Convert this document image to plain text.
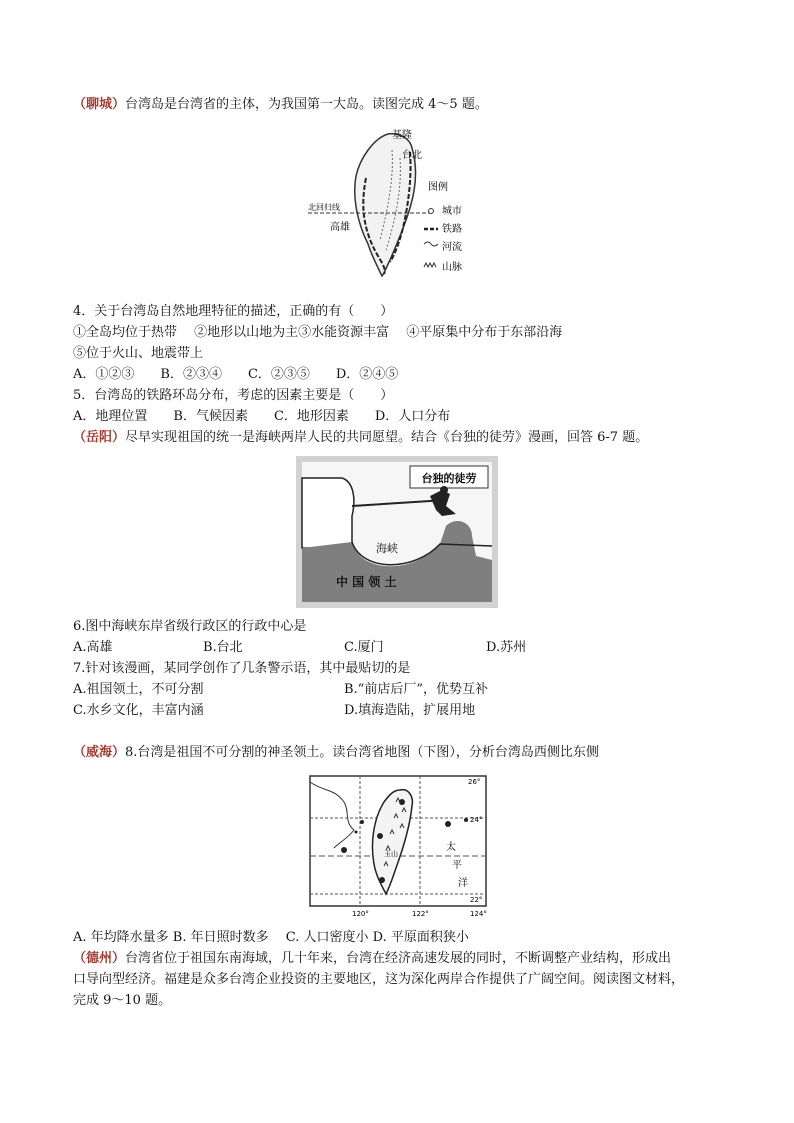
（聊城）台湾岛是台湾省的主体，为我国第一大岛。读图完成 4～5 题。
基隆
台北
高雄
北回归线
图例
城市
铁路
河流
山脉
4．关于台湾岛自然地理特征的描述，正确的有（　　）
①全岛均位于热带　 ②地形以山地为主③水能资源丰富　 ④平原集中分布于东部沿海
⑤位于火山、地震带上
A．①②③　　B．②③④　　C．②③⑤　　D．②④⑤
5．台湾岛的铁路环岛分布，考虑的因素主要是（　　）
A．地理位置　　B．气候因素　　C．地形因素　　D．人口分布
（岳阳）尽早实现祖国的统一是海峡两岸人民的共同愿望。结合《台独的徒劳》漫画，回答 6-7 题。
台独的徒劳
海峡
中 国 领 土
6.图中海峡东岸省级行政区的行政中心是
A.高雄	B.台北	C.厦门	D.苏州
7.针对该漫画，某同学创作了几条警示语，其中最贴切的是
A.祖国领土，不可分割	B.“前店后厂”，优势互补
C.水乡文化，丰富内涵	D.填海造陆，扩展用地
（威海）8.台湾是祖国不可分割的神圣领土。读台湾省地图（下图），分析台湾岛西侧比东侧
玉山
26°
24°
22°
120°	122°	124°
太
平
洋
A. 年均降水量多 B. 年日照时数多　 C. 人口密度小 D. 平原面积狭小
（德州）台湾省位于祖国东南海域，几十年来，台湾在经济高速发展的同时，不断调整产业结构，形成出
口导向型经济。福建是众多台湾企业投资的主要地区，这为深化两岸合作提供了广阔空间。阅读图文材料，
完成 9～10 题。
